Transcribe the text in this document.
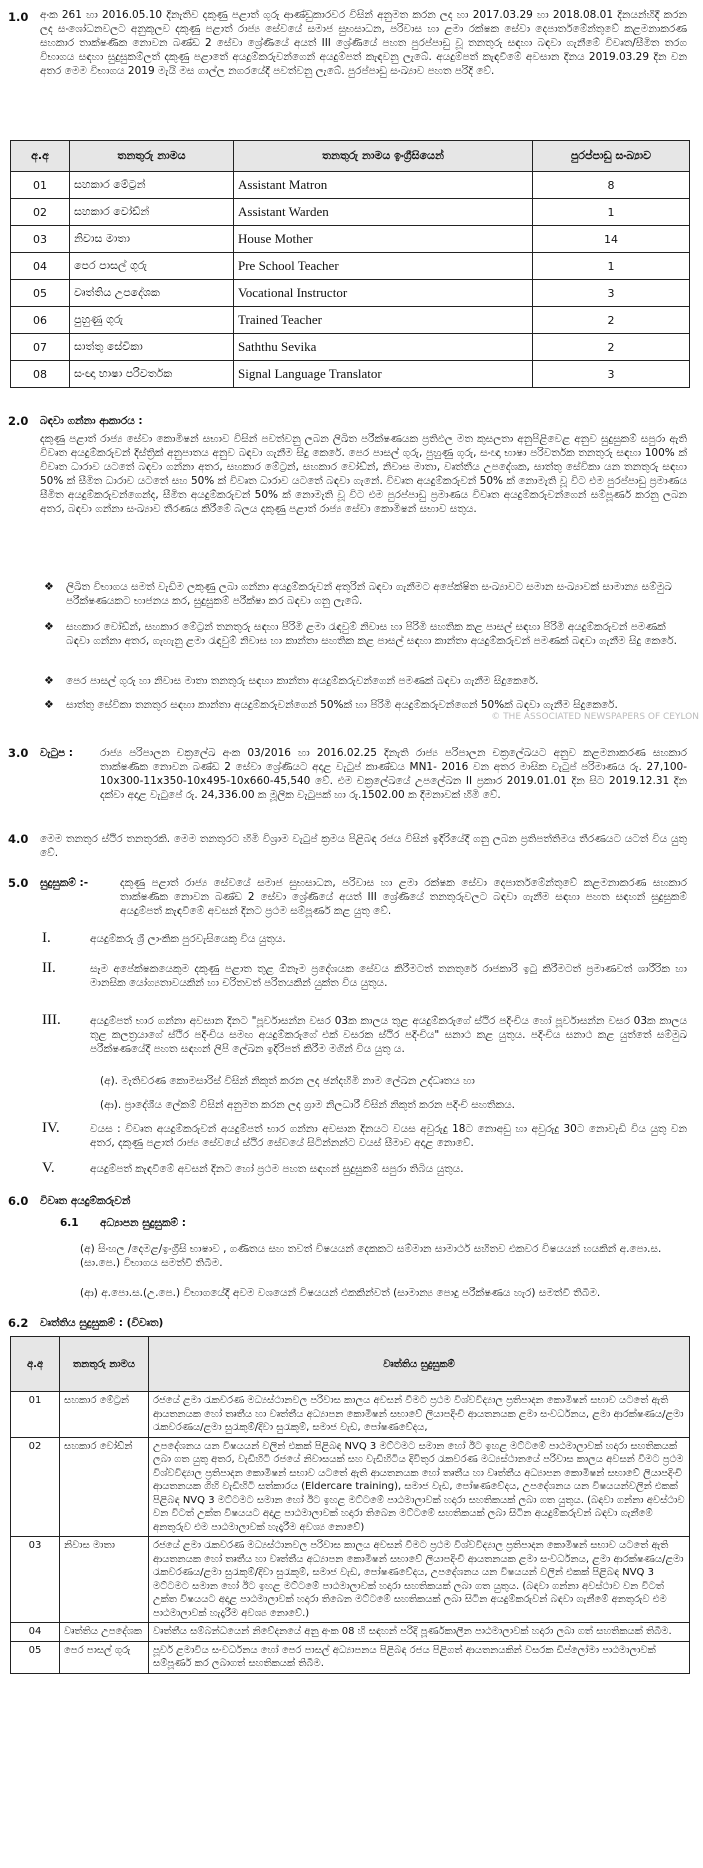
1.0 අංක 261 හා 2016.05.10 දිනැතිව දකුණු පළාත් ගුරු ආණ්ඩුකාරවර විසින් අනුමත කරන ලද හා 2017.03.29 හා 2018.08.01 දිනයන්හිදී කරන ලද සංශෝධනවලට අනුකූලව දකුණු පළාත් රාජ්‍ය සේවයේ සමාජ සුභසාධන, පරිවාස හා ළමා රක්ෂක සේවා දෙපාර්තමේන්තුවේ කළමනාකරණ සහකාර තාක්ෂණික නොවන බණ්ඩ 2 සේවා ශ්‍රේණියේ අයත් III ශ්‍රේණියේ පහත පුරප්පාඩු වූ තනතුරු සඳහා බඳවා ගැනීමේ විවෘත/සීමිත තරග විභාගය සඳහා සුදුසුකම්ලත් දකුණු පළාතේ අයදුම්කරුවන්ගෙන් අයදුම්පත් කැඳවනු ලැබේ. අයදුම්පත් කැඳවීමේ අවසාන දිනය 2019.03.29 දින වන අතර මෙම විභාගය 2019 මැයි මස ගාල්ල නගරයේදී පවත්වනු ලැබේ. පුරප්පාඩු සංඛ්‍යාව පහත පරිදි වේ.
අ.අ	තනතුරු නාමය	තනතුරු නාමය ඉංග්‍රීසියෙන්	පුරප්පාඩු සංඛ්‍යාව
01	සහකාර මේට්‍රන්	Assistant Matron	8
02	සහකාර වෝඩ්න්	Assistant Warden	1
03	නිවාස මාතා	House Mother	14
04	පෙර පාසල් ගුරු	Pre School Teacher	1
05	වෘත්තිය උපදේශක	Vocational Instructor	3
06	පුහුණු ගුරු	Trained Teacher	2
07	සාත්තු සේවිකා	Saththu Sevika	2
08	සංඥා භාෂා පරිවර්තක	Signal Language Translator	3
2.0 බඳවා ගන්නා ආකාරය :
දකුණු පළාත් රාජ්‍ය සේවා කොමිෂන් සභාව විසින් පවත්වනු ලබන ලිඛිත පරීක්ෂණයක ප්‍රතිඵල මත කුසලතා අනුපිළිවෙළ අනුව සුදුසුකම් සපුරා ඇති විවෘත අයදුම්කරුවන් දිස්ත්‍රික් අනුපාතය අනුව බඳවා ගැනීම සිදු කෙරේ. පෙර පාසල් ගුරු, පුහුණු ගුරු, සංඥා භාෂා පරිවර්තක තනතුරු සඳහා 100% ක් විවෘත ධාරාව යටතේ බඳවා ගන්නා අතර, සහකාර මේට්‍රන්, සහකාර වෝඩ්න්, නිවාස මාතා, වෘත්තීය උපදේශක, සාත්තු සේවිකා යන තනතුරු සඳහා 50% ක් සීමිත ධාරාව යටතේ සහ 50% ක් විවෘත ධාරාව යටතේ බඳවා ගැනේ. විවෘත අයදුම්කරුවන් 50% ක් නොමැති වූ විට එම පුරප්පාඩු ප්‍රමාණය සීමිත අයදුම්කරුවන්ගෙන්ද, සීමිත අයදුම්කරුවන් 50% ක් නොමැති වූ විට එම පුරප්පාඩු ප්‍රමාණය විවෘත අයදුම්කරුවන්ගෙන් සම්පූර්ණ කරනු ලබන අතර, බඳවා ගන්නා සංඛ්‍යාව තීරණය කිරීමේ බලය දකුණු පළාත් රාජ්‍ය සේවා කොමිෂන් සභාව සතුය.
❖ ලිඛිත විභාගය සමත් වැඩිම ලකුණු ලබා ගන්නා අයදුම්කරුවන් අතුරින් බඳවා ගැනීමට අපේක්ෂිත සංඛ්‍යාවට සමාන සංඛ්‍යාවක් සාමාන්‍ය සම්මුඛ පරීක්ෂණයකට භාජනය කර, සුදුසුකම් පරීක්ෂා කර බඳවා ගනු ලැබේ.
❖ සහකාර වෝඩ්න්, සහකාර මේට්‍රන් තනතුරු සඳහා පිරිමි ළමා රැඳවුම් නිවාස හා පිරිමි සහතික කළ පාසල් සඳහා පිරිමි අයදුම්කරුවන් පමණක් බඳවා ගන්නා අතර, ගැහැනු ළමා රැඳවුම් නිවාස හා කාන්තා සහතික කළ පාසල් සඳහා කාන්තා අයදුම්කරුවන් පමණක් බඳවා ගැනීම සිදු කෙරේ.
❖ පෙර පාසල් ගුරු හා නිවාස මාතා තනතුරු සඳහා කාන්තා අයදුම්කරුවන්ගෙන් පමණක් බඳවා ගැනීම සිදුකෙරේ.
❖ සාත්තු සේවිකා තනතුර සඳහා කාන්තා අයදුම්කරුවන්ගෙන් 50%ක් හා පිරිමි අයදුම්කරුවන්ගෙන් 50%ක් බඳවා ගැනීම සිදුකෙරේ.
© THE ASSOCIATED NEWSPAPERS OF CEYLON
3.0 වැටුප :	රාජ්‍ය පරිපාලන චක්‍රලේඛ අංක 03/2016 හා 2016.02.25 දිනැති රාජ්‍ය පරිපාලන චක්‍රලේඛයට අනුව කළමනාකරණ සහකාර තාක්ෂණික නොවන බණ්ඩ 2 සේවා ශ්‍රේණියට අදාළ වැටුප් කාණ්ඩය MN1- 2016 වන අතර මාසික වැටුප් පරිමාණය රු. 27,100-10x300-11x350-10x495-10x660-45,540 වේ. එම චක්‍රලේඛයේ උපලේඛන II ප්‍රකාර 2019.01.01 දින සිට 2019.12.31 දින දක්වා අදාළ වැටුපේ රු. 24,336.00 ක මූලික වැටුපක් හා රු.1502.00 ක දීමනාවක් හිමි වේ.
4.0 මෙම තනතුර ස්ථිර තනතුරකි. මෙම තනතුරට හිමි විශ්‍රාම වැටුප් ක්‍රමය පිළිබඳ රජය විසින් ඉදිරියේදී ගනු ලබන ප්‍රතිපත්තිමය තීරණයට යටත් විය යුතු වේ.
5.0 සුදුසුකම් :-	දකුණු පළාත් රාජ්‍ය සේවයේ සමාජ සුභසාධන, පරිවාස හා ළමා රක්ෂක සේවා දෙපාර්තමේන්තුවේ කළමනාකරණ සහකාර තාක්ෂණික නොවන බණ්ඩ 2 සේවා ශ්‍රේණියේ අයත් III ශ්‍රේණියේ තනතුරුවලට බඳවා ගැනීම සඳහා පහත සඳහන් සුදුසුකම් අයදුම්පත් කැඳවීමේ අවසන් දිනට ප්‍රථම සම්පූර්ණ කළ යුතු වේ.
I.	අයදුම්කරු ශ්‍රී ලාංකික පුරවැසියෙකු විය යුතුය.
II.	සෑම අපේක්ෂකයෙකුම දකුණු පළාත තුළ ඕනෑම ප්‍රදේශයක සේවය කිරීමටත් තනතුරේ රාජකාරි ඉටු කිරීමටත් ප්‍රමාණවත් ශාරීරික හා මානසික යෝග්‍යතාවයකින් හා චරිතවත් පරිතයකින් යුක්ත විය යුතුය.
III.	අයදුම්පත් භාර ගන්නා අවසාන දිනට "පූර්වාසන්න වසර 03ක කාලය තුළ අයදුම්කරුගේ ස්ථිර පදිංචිය හෝ පූර්වාසන්න වසර 03ක කාලය තුළ කලත්‍රයාගේ ස්ථිර පදිංචිය සමඟ අයදුම්කරුගේ එක් වසරක ස්ථිර පදිංචිය" සනාථ කළ යුතුය. පදිංචිය සනාථ කළ යුත්තේ සම්මුඛ පරීක්ෂණයේදී පහත සඳහන් ලිපි ලේඛන ඉදිරිපත් කිරීම මගින් විය යුතු ය.
(අ). මැතිවරණ කොමසාරිස් විසින් නිකුත් කරන ලද ඡන්දහිමි නාම ලේඛන උද්ධෘතය හා
(ආ). ප්‍රාදේශීය ලේකම් විසින් අනුමත කරන ලද ග්‍රාම නිලධාරී විසින් නිකුත් කරන පදිංචි සහතිකය.
IV.	වයස : විවෘත අයදුම්කරුවන් අයදුම්පත් භාර ගන්නා අවසාන දිනයට වයස අවුරුදු 18ට නොඅඩු හා අවුරුදු 30ට නොවැඩි විය යුතු වන අතර, දකුණු පළාත් රාජ්‍ය සේවයේ ස්ථිර සේවයේ සිටින්නන්ට වයස් සීමාව අදාළ නොවේ.
V.	අයදුම්පත් කැඳවීමේ අවසන් දිනට හෝ ප්‍රථම පහත සඳහන් සුදුසුකම් සපුරා තිබිය යුතුය.
6.0 විවෘත අයදුම්කරුවන්
6.1	අධ්‍යාපන සුදුසුකම් :
(අ) සිංහල /දෙමළ/ඉංග්‍රීසි භාෂාව , ගණිතය සහ තවත් විෂයයන් දෙකකට සම්මාන සාමාර්ථ සහිතව එකවර විෂයයන් හයකින් අ.පො.ස.(සා.පෙ.) විභාගය සමත්වී තිබීම.
(ආ) අ.පො.ස.(උ.පෙ.) විභාගයේදී අවම වශයෙන් විෂයයන් එකකින්වත් (සාමාන්‍ය පොදු පරීක්ෂණය හැර) සමත්වී තිබීම.
6.2 වෘත්තිය සුදුසුකම් : (විවෘත)
අ.අ	තනතුරු නාමය	වෘත්තිය සුදුසුකම්
01	සහකාර මේට්‍රන්	රජයේ ළමා රැකවරණ මධ්‍යස්ථානවල පරිවාස කාලය අවසන් වීමට ප්‍රථම විශ්වවිද්‍යාල ප්‍රතිපාදන කොමිෂන් සභාව යටතේ ඇති ආයතනයක හෝ තෘතීය හා වෘත්තීය අධ්‍යාපන කොමිෂන් සභාවේ ලියාපදිංචි ආයතනයක ළමා සංවර්ධනය, ළමා ආරක්ෂණය/ළමා රැකවරණය/ළමා සුරැකුම්/දිවා සුරැකුම්, සමාජ වැඩ, පෝෂණවේදය,
02	සහකාර වෝඩ්න්	උපදේශනය යන විෂයයන් වලින් එකක් පිළිබඳ NVQ 3 මට්ටමට සමාන හෝ ඊට ඉහළ මට්ටමේ පාඨමාලාවක් හදාරා සහතිකයක් ලබා ගත යුතු අතර, වැඩිහිටි රජයේ නිවාසයක් සහ වැඩිහිටිය දිවිතුර රැකවරණ මධ්‍යස්ථානයේ පරිවාස කාලය අවසන් වීමට ප්‍රථම විශ්වවිද්‍යාල ප්‍රතිපාදන කොමිෂන් සභාව යටතේ ඇති ආයතනයක හෝ තෘතීය හා වෘත්තීය අධ්‍යාපන කොමිෂන් සභාවේ ලියාපදිංචි ආයතනයක ගිහි වැඩිහිටි සත්කාරය (Eldercare training), සමාජ වැඩ, පෝෂණවේදය, උපදේශනය යන විෂයයන්වලින් එකක් පිළිබඳ NVQ 3 මට්ටමට සමාන හෝ ඊට ඉහළ මට්ටමේ පාඨමාලාවක් හදාරා සහතිකයක් ලබා ගත යුතුය. (බඳවා ගන්නා අවස්ථාව වන විටත් උක්ත විෂයයට අදාළ පාඨමාලාවක් හදාරා තිබෙන මට්ටමේ සහතිකයක් ලබා සිටින අයදුම්කරුවන් බඳවා ගැනීමේ අනතුරුව එම පාඨමාලාවක් හැදෑරීම අවශ්‍ය නොවේ)
03	නිවාස මාතා	රජයේ ළමා රැකවරණ මධ්‍යස්ථානවල පරිවාස කාලය අවසන් වීමට ප්‍රථම විශ්වවිද්‍යාල ප්‍රතිපාදන කොමිෂන් සභාව යටතේ ඇති ආයතනයක හෝ තෘතීය හා වෘත්තීය අධ්‍යාපන කොමිෂන් සභාවේ ලියාපදිංචි ආයතනයක ළමා සංවර්ධනය, ළමා ආරක්ෂණය/ළමා රැකවරණය/ළමා සුරැකුම්/දිවා සුරැකුම්, සමාජ වැඩ, පෝෂණවේදය, උපදේශනය යන විෂයයන් වලින් එකක් පිළිබඳ NVQ 3 මට්ටමට සමාන හෝ ඊට ඉහළ මට්ටමේ පාඨමාලාවක් හදාරා සහතිකයක් ලබා ගත යුතුය. (බඳවා ගන්නා අවස්ථාව වන විටත් උක්ත විෂයයට අදාළ පාඨමාලාවක් හදාරා තිබෙන මට්ටමේ සහතිකයක් ලබා සිටින අයදුම්කරුවන් බඳවා ගැනීමේ අනතුරුව එම පාඨමාලාවක් හැදෑරීම අවශ්‍ය නොවේ.)
04	වෘත්තිය උපදේශක	වෘත්තීය සම්බන්ධයෙන් නිවේදනයේ අනු අංක 08 හි සඳහන් පරිදි පූර්ණකාලීන පාඨමාලාවක් හදාරා ලබා ගත් සහතිකයක් තිබීම.
05	පෙර පාසල් ගුරු	පූර්ව ළමාවිය සංවර්ධනය හෝ පෙර පාසල් අධ්‍යාපනය පිළිබඳ රජය පිළිගත් ආයතනයකින් වසරක ඩිප්ලෝමා පාඨමාලාවක් සම්පූර්ණ කර ලබාගත් සහතිකයක් තිබීම.
